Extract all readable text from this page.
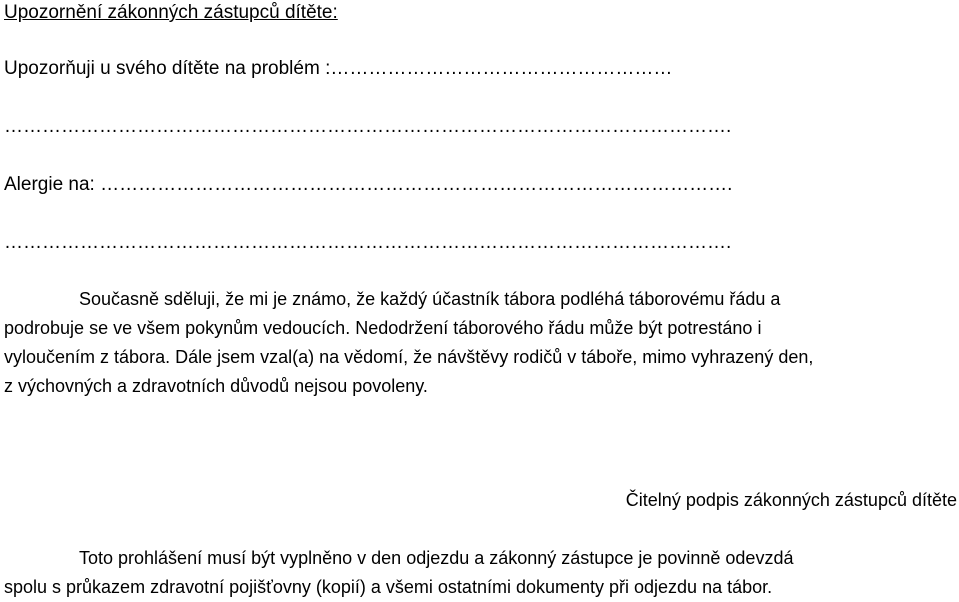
Upozornění zákonných zástupců dítěte:
Upozorňuji u svého dítěte na problém :………………………………………………
…………………………………………………………………………………………………….
Alergie na: ……………………………………………………………………………………….
…………………………………………………………………………………………………….
Současně sděluji, že mi je známo, že každý účastník tábora podléhá táborovému řádu a
podrobuje se ve všem pokynům vedoucích. Nedodržení táborového řádu může být potrestáno i
vyloučením z tábora. Dále jsem vzal(a) na vědomí, že návštěvy rodičů v táboře, mimo vyhrazený den,
z výchovných a zdravotních důvodů nejsou povoleny.
Čitelný podpis zákonných zástupců dítěte
Toto prohlášení musí být vyplněno v den odjezdu a zákonný zástupce je povinně odevzdá
spolu s průkazem zdravotní pojišťovny (kopií) a všemi ostatními dokumenty při odjezdu na tábor.
